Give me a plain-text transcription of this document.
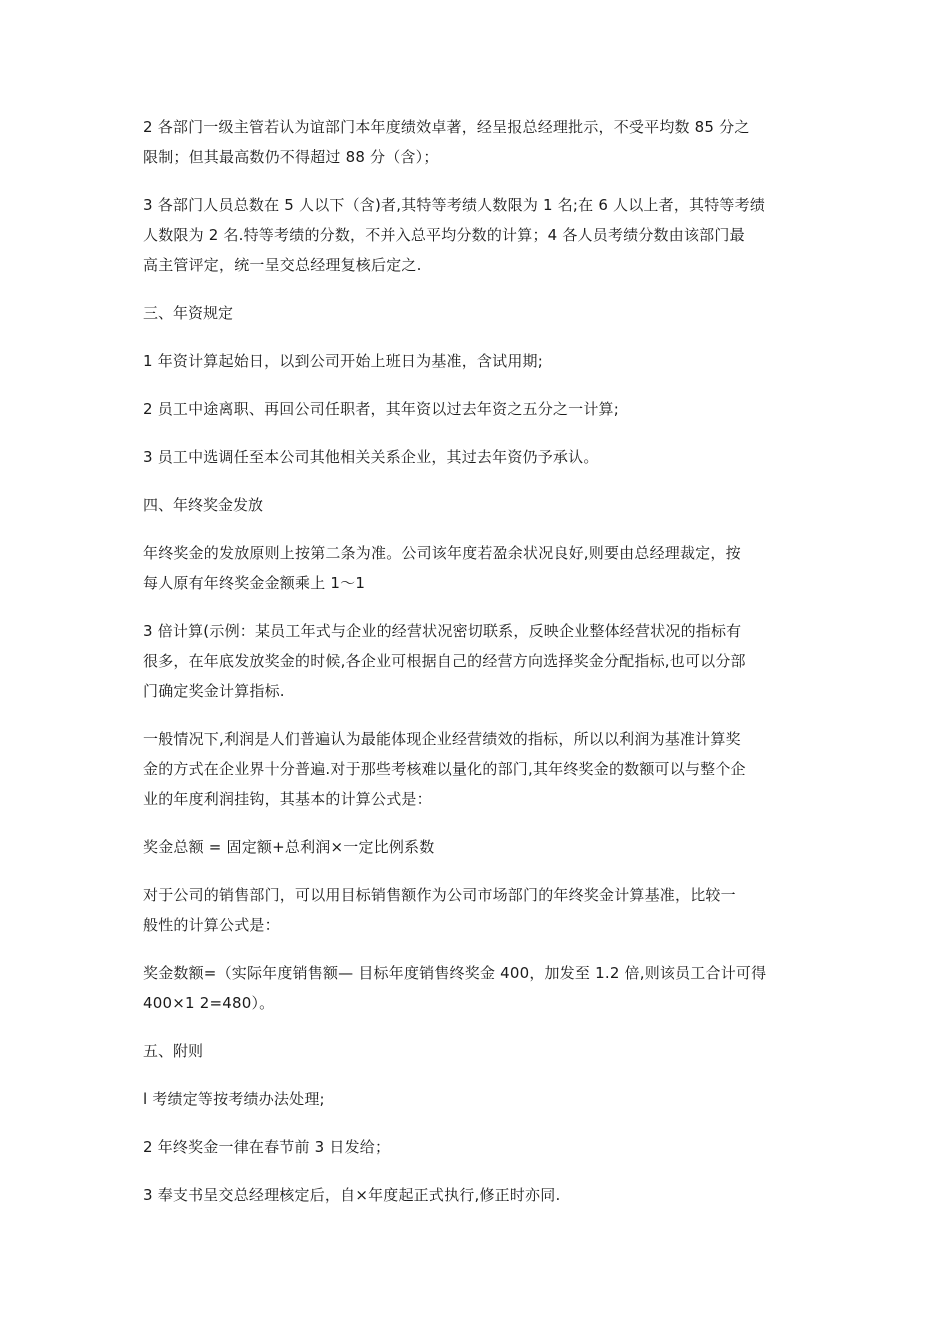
2 各部门一级主管若认为谊部门本年度绩效卓著，经呈报总经理批示，不受平均数 85 分之
限制；但其最高数仍不得超过 88 分（含）；
3 各部门人员总数在 5 人以下（含)者,其特等考绩人数限为 1 名;在 6 人以上者，其特等考绩
人数限为 2 名.特等考绩的分数，不并入总平均分数的计算；4 各人员考绩分数由该部门最
高主管评定，统一呈交总经理复核后定之.
三、年资规定
1 年资计算起始日，以到公司开始上班日为基准，含试用期;
2 员工中途离职、再回公司任职者，其年资以过去年资之五分之一计算;
3 员工中选调任至本公司其他相关关系企业，其过去年资仍予承认。
四、年终奖金发放
年终奖金的发放原则上按第二条为准。公司该年度若盈余状况良好,则要由总经理裁定，按
每人原有年终奖金金额乘上 1～1
3 倍计算(示例：某员工年式与企业的经营状况密切联系，反映企业整体经营状况的指标有
很多，在年底发放奖金的时候,各企业可根据自己的经营方向选择奖金分配指标,也可以分部
门确定奖金计算指标.
一般情况下,利润是人们普遍认为最能体现企业经营绩效的指标，所以以利润为基准计算奖
金的方式在企业界十分普遍.对于那些考核难以量化的部门,其年终奖金的数额可以与整个企
业的年度利润挂钩，其基本的计算公式是：
奖金总额 = 固定额+总利润×一定比例系数
对于公司的销售部门，可以用目标销售额作为公司市场部门的年终奖金计算基准，比较一
般性的计算公式是：
奖金数额=（实际年度销售额— 目标年度销售终奖金 400，加发至 1.2 倍,则该员工合计可得
400×1 2=480）。
五、附则
l 考绩定等按考绩办法处理;
2 年终奖金一律在春节前 3 日发给；
3 奉支书呈交总经理核定后，自×年度起正式执行,修正时亦同.
